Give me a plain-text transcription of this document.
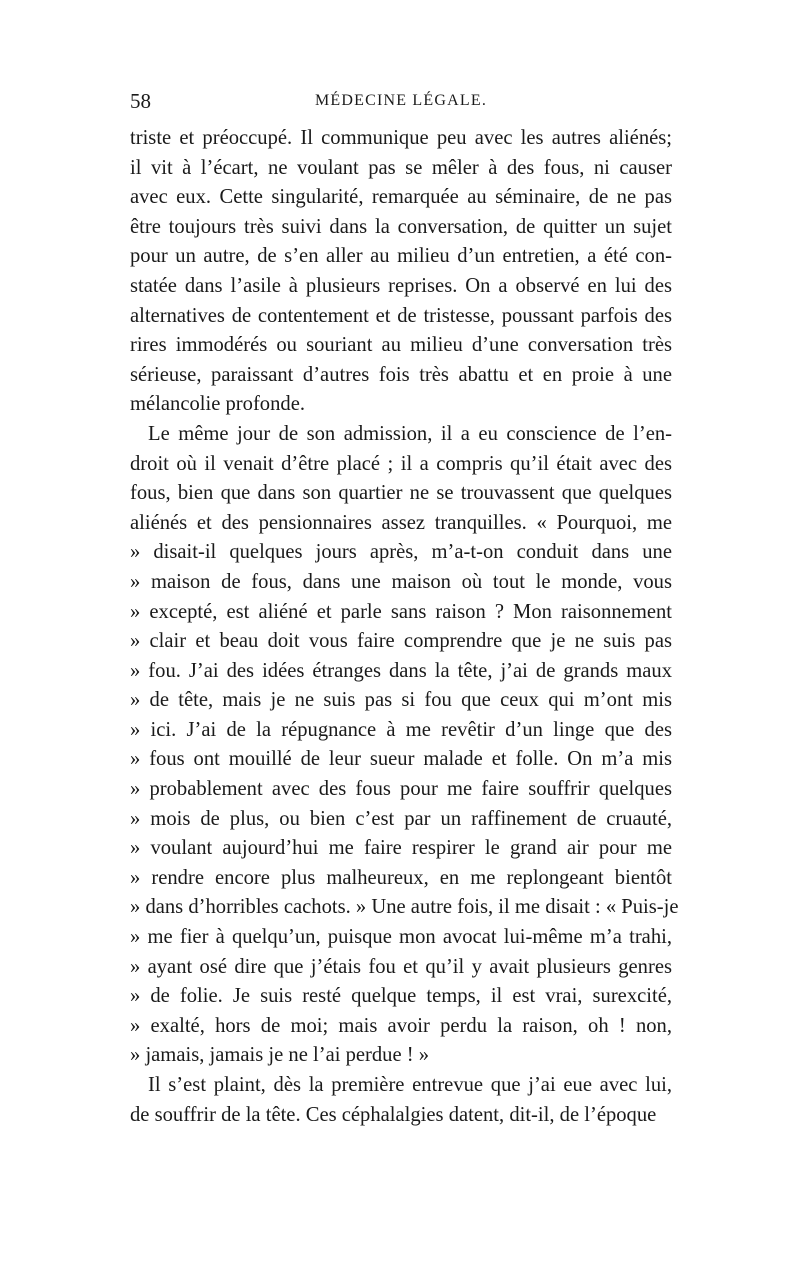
58	MÉDECINE LÉGALE.
triste et préoccupé. Il communique peu avec les autres aliénés;
il vit à l’écart, ne voulant pas se mêler à des fous, ni causer
avec eux. Cette singularité, remarquée au séminaire, de ne pas
être toujours très suivi dans la conversation, de quitter un sujet
pour un autre, de s’en aller au milieu d’un entretien, a été con-
statée dans l’asile à plusieurs reprises. On a observé en lui des
alternatives de contentement et de tristesse, poussant parfois des
rires immodérés ou souriant au milieu d’une conversation très
sérieuse, paraissant d’autres fois très abattu et en proie à une
mélancolie profonde.
Le même jour de son admission, il a eu conscience de l’en-
droit où il venait d’être placé ; il a compris qu’il était avec des
fous, bien que dans son quartier ne se trouvassent que quelques
aliénés et des pensionnaires assez tranquilles. « Pourquoi, me
» disait-il quelques jours après, m’a-t-on conduit dans une
» maison de fous, dans une maison où tout le monde, vous
» excepté, est aliéné et parle sans raison ? Mon raisonnement
» clair et beau doit vous faire comprendre que je ne suis pas
» fou. J’ai des idées étranges dans la tête, j’ai de grands maux
» de tête, mais je ne suis pas si fou que ceux qui m’ont mis
» ici. J’ai de la répugnance à me revêtir d’un linge que des
» fous ont mouillé de leur sueur malade et folle. On m’a mis
» probablement avec des fous pour me faire souffrir quelques
» mois de plus, ou bien c’est par un raffinement de cruauté,
» voulant aujourd’hui me faire respirer le grand air pour me
» rendre encore plus malheureux, en me replongeant bientôt
» dans d’horribles cachots. » Une autre fois, il me disait : « Puis-je
» me fier à quelqu’un, puisque mon avocat lui-même m’a trahi,
» ayant osé dire que j’étais fou et qu’il y avait plusieurs genres
» de folie. Je suis resté quelque temps, il est vrai, surexcité,
» exalté, hors de moi; mais avoir perdu la raison, oh ! non,
» jamais, jamais je ne l’ai perdue ! »
Il s’est plaint, dès la première entrevue que j’ai eue avec lui,
de souffrir de la tête. Ces céphalalgies datent, dit-il, de l’époque
